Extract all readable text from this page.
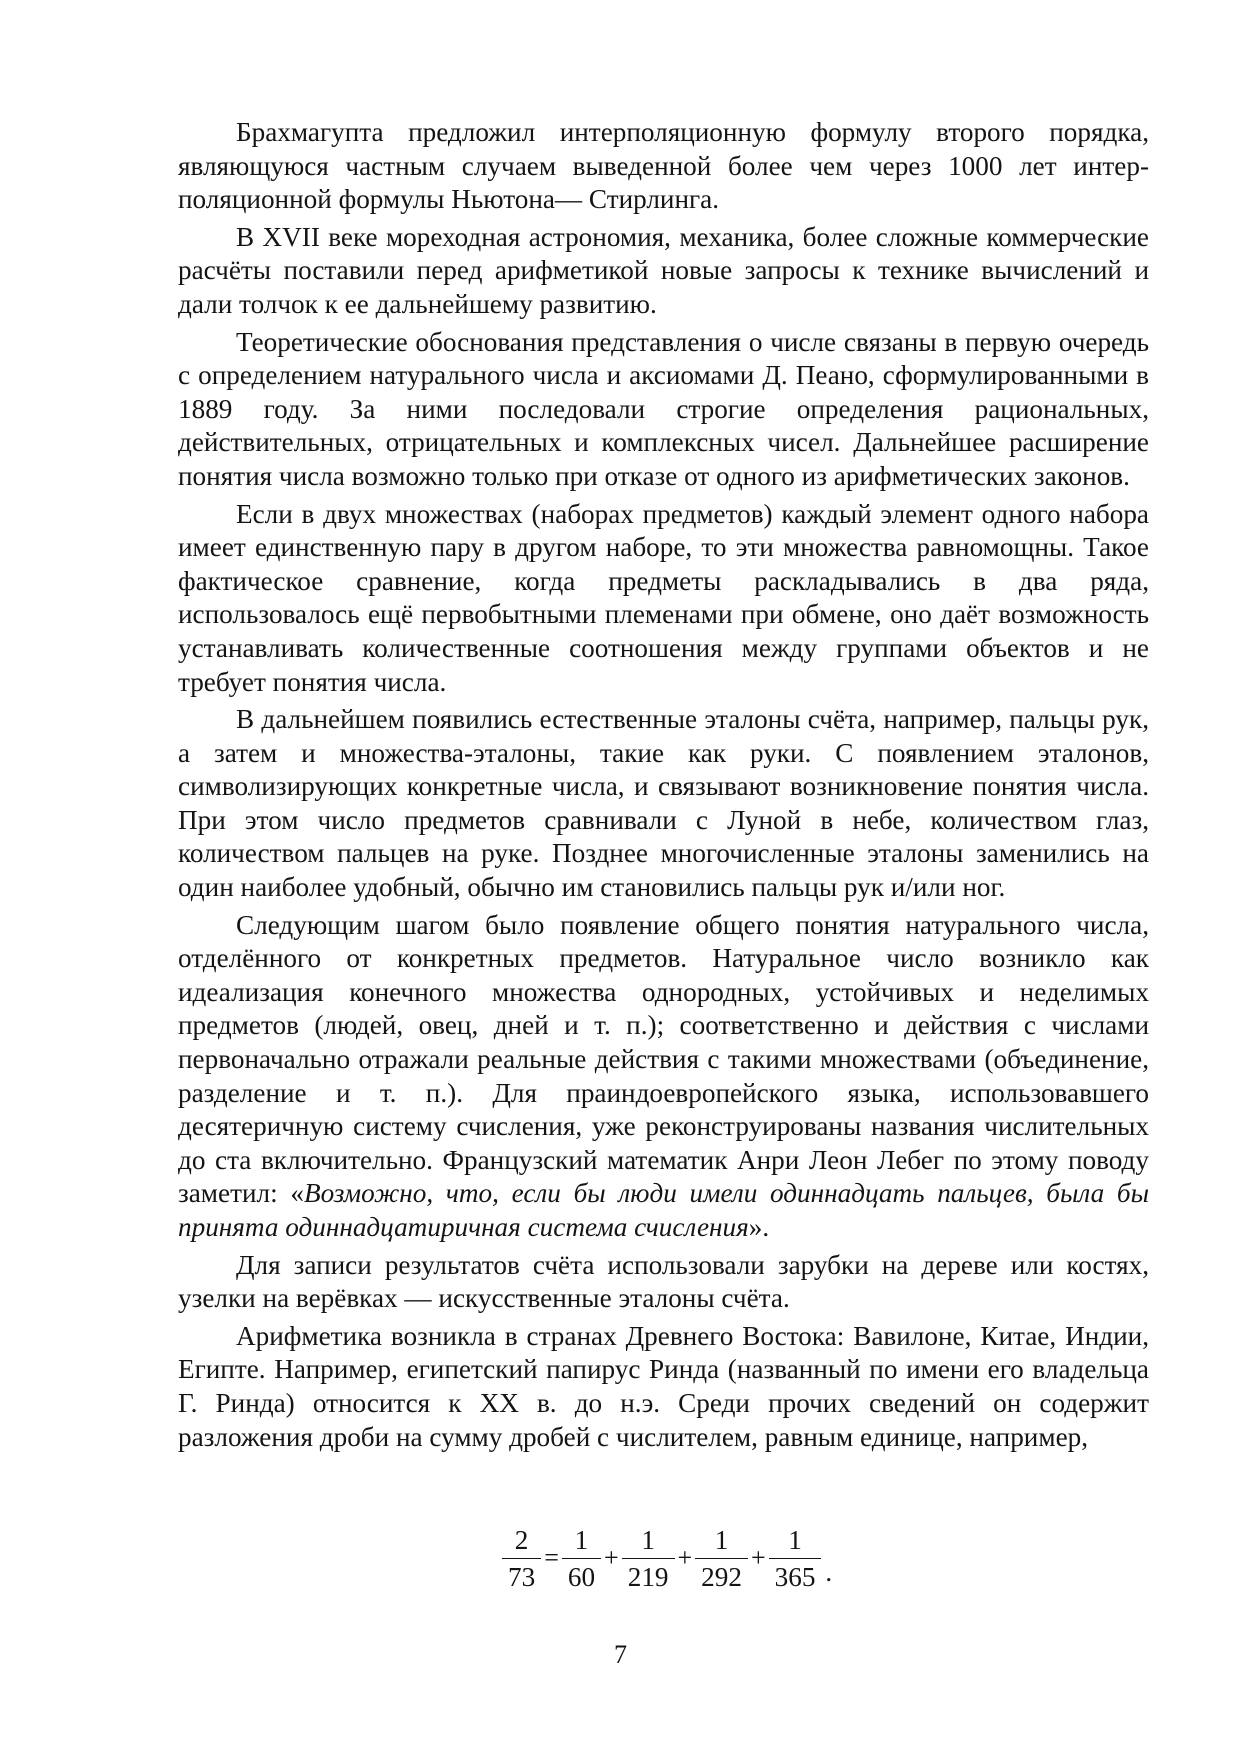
Брахмагупта предложил интерполяционную формулу второго порядка, являющуюся частным случаем выведенной более чем через 1000 лет интерполяционной формулы Ньютона— Стирлинга.

В XVII веке мореходная астрономия, механика, более сложные коммерческие расчёты поставили перед арифметикой новые запросы к технике вычислений и дали толчок к ее дальнейшему развитию.

Теоретические обоснования представления о числе связаны в первую очередь с определением натурального числа и аксиомами Д. Пеано, сформулированными в 1889 году. За ними последовали строгие определения рациональных, действительных, отрицательных и комплексных чисел. Дальнейшее расширение понятия числа возможно только при отказе от одного из арифметических законов.

Если в двух множествах (наборах предметов) каждый элемент одного набора имеет единственную пару в другом наборе, то эти множества равномощны. Такое фактическое сравнение, когда предметы раскладывались в два ряда, использовалось ещё первобытными племенами при обмене, оно даёт возможность устанавливать количественные соотношения между группами объектов и не требует понятия числа.

В дальнейшем появились естественные эталоны счёта, например, пальцы рук, а затем и множества-эталоны, такие как руки. С появлением эталонов, символизирующих конкретные числа, и связывают возникновение понятия числа. При этом число предметов сравнивали с Луной в небе, количеством глаз, количеством пальцев на руке. Позднее многочисленные эталоны заменились на один наиболее удобный, обычно им становились пальцы рук и/или ног.

Следующим шагом было появление общего понятия натурального числа, отделённого от конкретных предметов. Натуральное число возникло как идеализация конечного множества однородных, устойчивых и неделимых предметов (людей, овец, дней и т. п.); соответственно и действия с числами первоначально отражали реальные действия с такими множествами (объединение, разделение и т. п.). Для праиндоевропейского языка, использовавшего десятеричную систему счисления, уже реконструированы названия числительных до ста включительно. Французский математик Анри Леон Лебег по этому поводу заметил: «Возможно, что, если бы люди имели одиннадцать пальцев, была бы принята одиннадцатиричная система счисления».

Для записи результатов счёта использовали зарубки на дереве или костях, узелки на верёвках — искусственные эталоны счёта.

Арифметика возникла в странах Древнего Востока: Вавилоне, Китае, Индии, Египте. Например, египетский папирус Ринда (названный по имени его владельца Г. Ринда) относится к XX в. до н.э. Среди прочих сведений он содержит разложения дроби на сумму дробей с числителем, равным единице, например,

$\frac{2}{73} = \frac{1}{60} + \frac{1}{219} + \frac{1}{292} + \frac{1}{365}$ .
7
